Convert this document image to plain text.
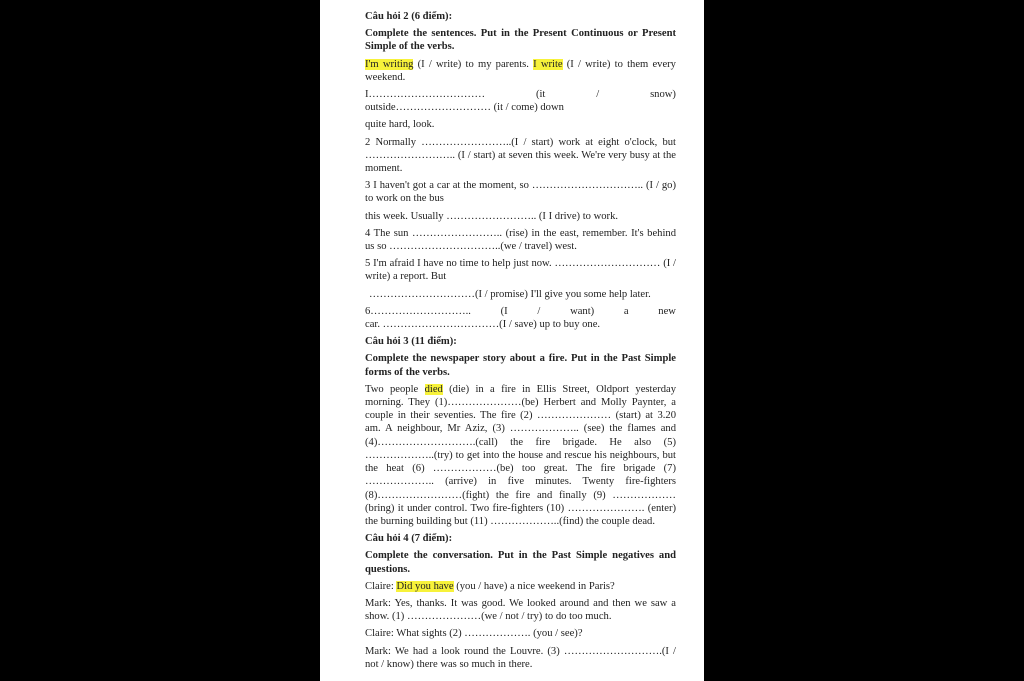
Câu hỏi 2 (6 điểm):

Complete the sentences. Put in the Present Continuous or Present Simple of the verbs.

I'm writing (I / write) to my parents. I write (I / write) to them every weekend.

I……………………………	(it	/	snow)

outside……………………… (it / come) down

quite hard, look.

2 Normally ……………………..(I / start) work at eight o'clock, but …………………….. (I / start) at seven this week. We're very busy at the moment.

3 I haven't got a car at the moment, so ………………………….. (I / go) to work on the bus

this week. Usually …………………….. (I I drive) to work.

4 The sun …………………….. (rise) in the east, remember. It's behind us so …………………………..(we / travel) west.

5 I'm afraid I have no time to help just now. ………………………… (I / write) a report. But

…………………………(I / promise) I'll give you some help later.

6………………………..	(I	/	want)	a	new

car. ……………………………(I / save) up to buy one.

Câu hỏi 3 (11 điểm):

Complete the newspaper story about a fire. Put in the Past Simple forms of the verbs.

Two people died (die) in a fire in Ellis Street, Oldport yesterday morning. They (1)…………………(be) Herbert and Molly Paynter, a couple in their seventies. The fire (2) ………………… (start) at 3.20 am. A neighbour, Mr Aziz, (3) ……………….. (see) the flames and (4)……………………….(call) the fire brigade. He also (5) ………………..(try) to get into the house and rescue his neighbours, but the heat (6) ………………(be) too great. The fire brigade (7) ……………….. (arrive) in five minutes. Twenty fire-fighters (8)……………………(fight) the fire and finally (9) ………………(bring) it under control. Two fire-fighters (10) …………………. (enter) the burning building but (11) ………………..(find) the couple dead.

Câu hỏi 4 (7 điểm):

Complete the conversation. Put in the Past Simple negatives and questions.

Claire: Did you have (you / have) a nice weekend in Paris?

Mark: Yes, thanks. It was good. We looked around and then we saw a show. (1) …………………(we / not / try) to do too much.

Claire: What sights (2) ………………. (you / see)?

Mark: We had a look round the Louvre. (3) ……………………….(I / not / know) there was so much in there.
